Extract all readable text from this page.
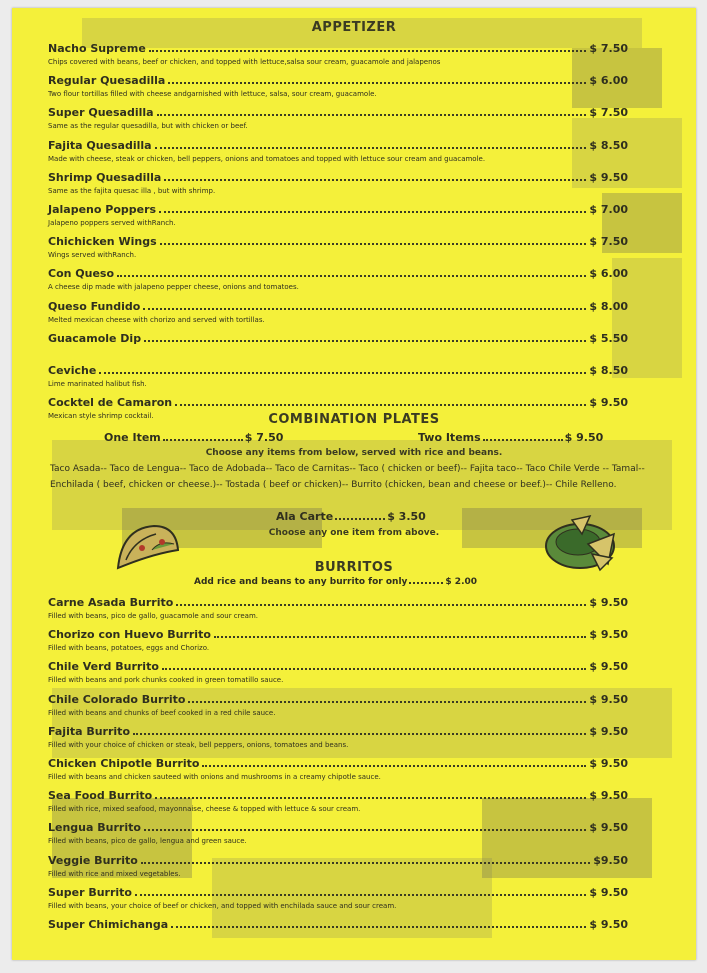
APPETIZER
Nacho Supreme	$ 7.50
Chips covered with beans, beef or chicken, and topped with lettuce,salsa sour cream, guacamole and jalapenos
Regular Quesadilla	$ 6.00
Two flour tortillas filled with cheese andgarnished with lettuce, salsa, sour cream, guacamole.
Super Quesadilla	$ 7.50
Same as the regular quesadilla, but with chicken or beef.
Fajita Quesadilla	$ 8.50
Made with cheese, steak or chicken, bell peppers, onions and tomatoes and topped with lettuce sour cream and guacamole.
Shrimp Quesadilla	$ 9.50
Same as the fajita quesac illa , but with shrimp.
Jalapeno Poppers	$ 7.00
Jalapeno poppers served withRanch.
Chichicken Wings	$ 7.50
Wings served withRanch.
Con Queso	$ 6.00
A cheese dip made with jalapeno pepper cheese, onions and tomatoes.
Queso Fundido	$ 8.00
Melted mexican cheese with chorizo and served with tortillas.
Guacamole Dip	$ 5.50
Ceviche	$ 8.50
Lime marinated halibut fish.
Cocktel de Camaron	$ 9.50
Mexican style shrimp cocktail.	COMBINATION PLATES
One Item	$ 7.50	Two Items	$ 9.50
Choose any items from below, served with rice and beans.
Taco Asada-- Taco de Lengua-- Taco de Adobada-- Taco de Carnitas-- Taco ( chicken or beef)-- Fajita taco-- Taco Chile Verde -- Tamal-- Enchilada ( beef, chicken or cheese.)-- Tostada ( beef or chicken)-- Burrito (chicken, bean and cheese or beef.)-- Chile Relleno.
Ala Carte	$ 3.50
Choose any one item from above.
BURRITOS
Add rice and beans to any burrito for only	$ 2.00
Carne Asada Burrito	$ 9.50
Filled with beans, pico de gallo, guacamole and sour cream.
Chorizo con Huevo Burrito	$ 9.50
Filled with beans, potatoes, eggs and Chorizo.
Chile Verd Burrito	$ 9.50
Filled with beans and pork chunks cooked in green tomatillo sauce.
Chile Colorado Burrito	$ 9.50
Filled with beans and chunks of beef cooked in a red chile sauce.
Fajita Burrito	$ 9.50
Filled with your choice of chicken or steak, bell peppers, onions, tomatoes and beans.
Chicken Chipotle Burrito	$ 9.50
Filled with beans and chicken sauteed with onions and mushrooms in a creamy chipotle sauce.
Sea Food Burrito	$ 9.50
Filled with rice, mixed seafood, mayonnaise, cheese & topped with lettuce & sour cream.
Lengua Burrito	$ 9.50
Filled with beans, pico de gallo, lengua and green sauce.
Veggie Burrito	$9.50
Filled with rice and mixed vegetables.
Super Burrito	$ 9.50
Filled with beans, your choice of beef or chicken, and topped with enchilada sauce and sour cream.
Super Chimichanga	$ 9.50
